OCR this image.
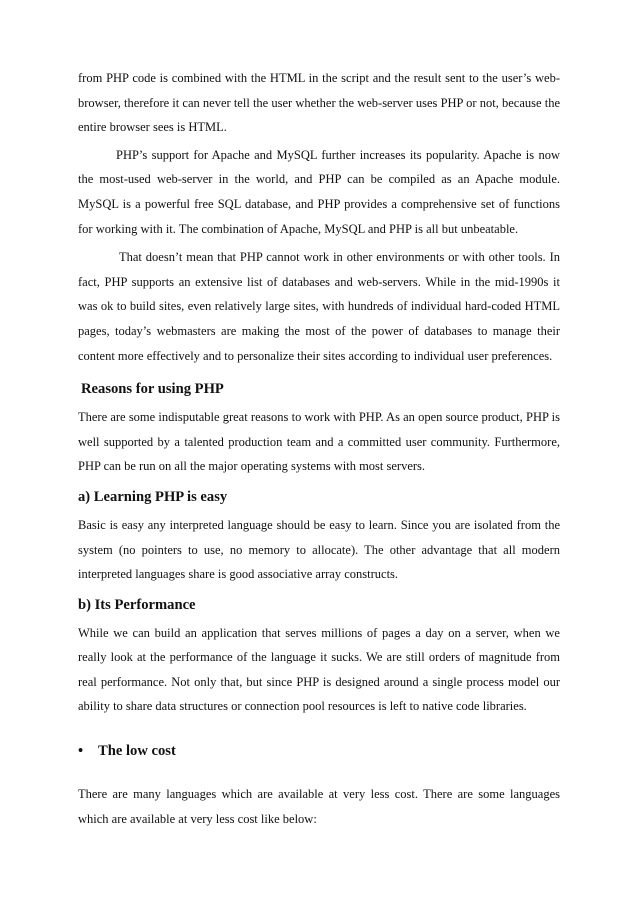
from PHP code is combined with the HTML in the script and the result sent to the user’s web-browser, therefore it can never tell the user whether the web-server uses PHP or not, because the entire browser sees is HTML.

PHP’s support for Apache and MySQL further increases its popularity. Apache is now the most-used web-server in the world, and PHP can be compiled as an Apache module. MySQL is a powerful free SQL database, and PHP provides a comprehensive set of functions for working with it. The combination of Apache, MySQL and PHP is all but unbeatable.

That doesn’t mean that PHP cannot work in other environments or with other tools. In fact, PHP supports an extensive list of databases and web-servers. While in the mid-1990s it was ok to build sites, even relatively large sites, with hundreds of individual hard-coded HTML pages, today’s webmasters are making the most of the power of databases to manage their content more effectively and to personalize their sites according to individual user preferences.

Reasons for using PHP

There are some indisputable great reasons to work with PHP. As an open source product, PHP is well supported by a talented production team and a committed user community. Furthermore, PHP can be run on all the major operating systems with most servers.

a) Learning PHP is easy

Basic is easy any interpreted language should be easy to learn. Since you are isolated from the system (no pointers to use, no memory to allocate). The other advantage that all modern interpreted languages share is good associative array constructs.

b) Its Performance

While we can build an application that serves millions of pages a day on a server, when we really look at the performance of the language it sucks. We are still orders of magnitude from real performance. Not only that, but since PHP is designed around a single process model our ability to share data structures or connection pool resources is left to native code libraries.

•	The low cost

There are many languages which are available at very less cost. There are some languages which are available at very less cost like below:
